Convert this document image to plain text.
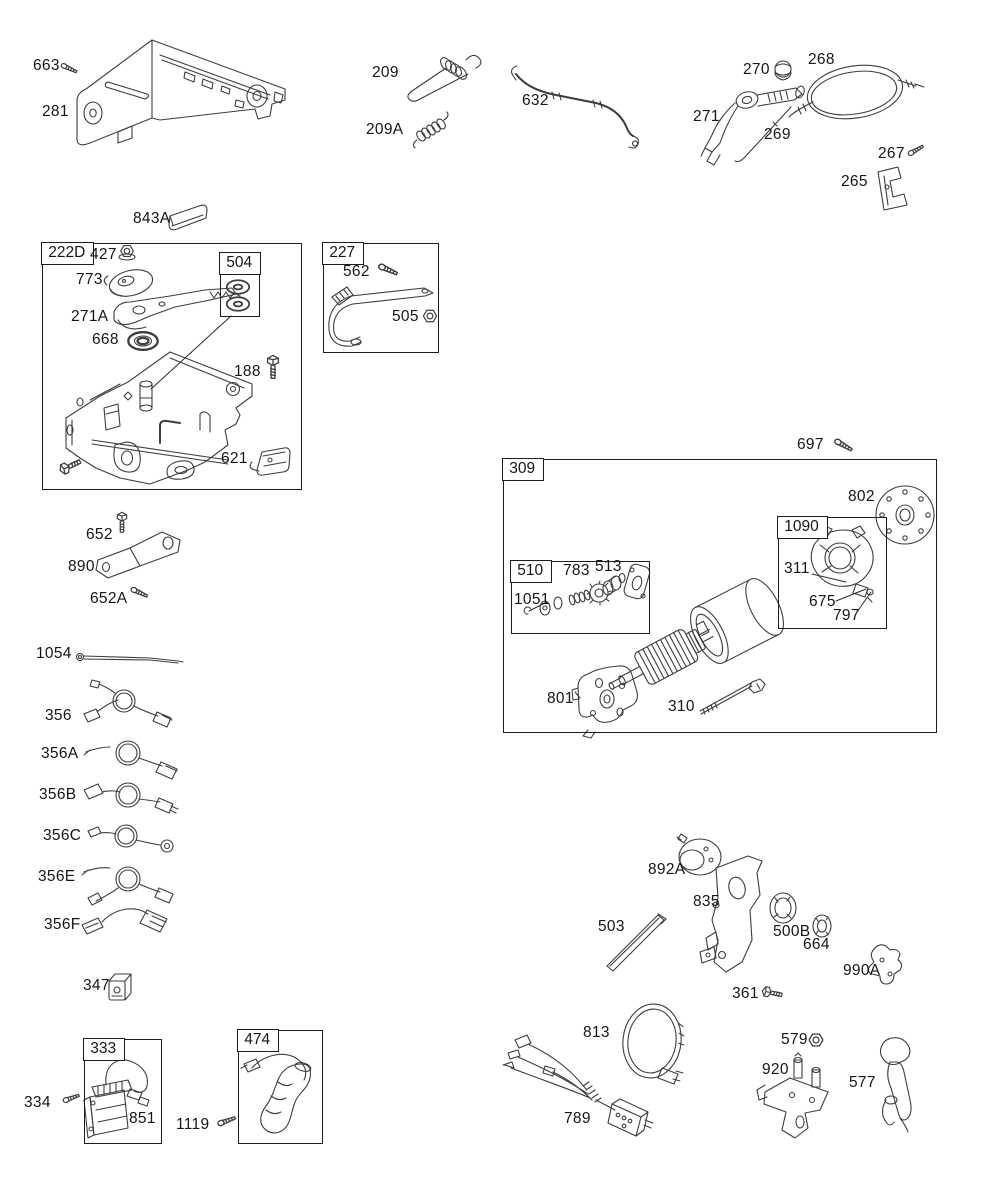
222D
504
227
309
510
1090
333
474
663
281
843A
209
209A
632
270
268
271
269
267
265
427
773
271A
668
188
621
562
505
697
802
311
675
797
783 513
1051
801	310
652
890
652A
1054
356
356A
356B
356C
356E
356F
347
334
851 1119	789
813
892A
835
503	500B
664
990A
361
579
920
577
